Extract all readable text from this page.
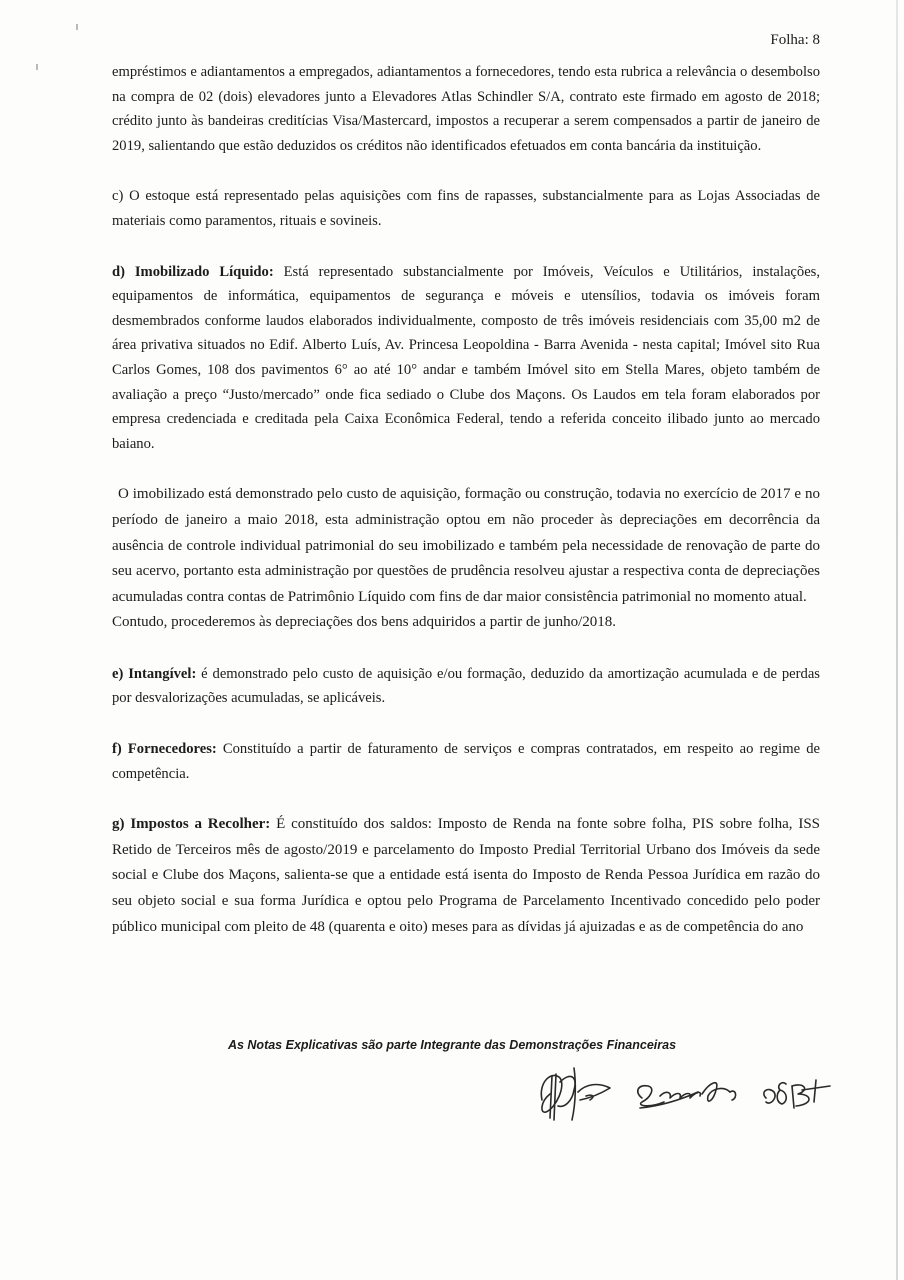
Folha: 8

empréstimos e adiantamentos a empregados, adiantamentos a fornecedores, tendo esta rubrica a relevância o desembolso na compra de 02 (dois) elevadores junto a Elevadores Atlas Schindler S/A, contrato este firmado em agosto de 2018; crédito junto às bandeiras creditícias Visa/Mastercard, impostos a recuperar a serem compensados a partir de janeiro de 2019, salientando que estão deduzidos os créditos não identificados efetuados em conta bancária da instituição.

c) O estoque está representado pelas aquisições com fins de rapasses, substancialmente para as Lojas Associadas de materiais como paramentos, rituais e sovineis.

d) Imobilizado Líquido: Está representado substancialmente por Imóveis, Veículos e Utilitários, instalações, equipamentos de informática, equipamentos de segurança e móveis e utensílios, todavia os imóveis foram desmembrados conforme laudos elaborados individualmente, composto de três imóveis residenciais com 35,00 m2 de área privativa situados no Edif. Alberto Luís, Av. Princesa Leopoldina - Barra Avenida - nesta capital; Imóvel sito Rua Carlos Gomes, 108 dos pavimentos 6° ao até 10° andar e também Imóvel sito em Stella Mares, objeto também de avaliação a preço “Justo/mercado” onde fica sediado o Clube dos Maçons. Os Laudos em tela foram elaborados por empresa credenciada e creditada pela Caixa Econômica Federal, tendo a referida conceito ilibado junto ao mercado baiano.

O imobilizado está demonstrado pelo custo de aquisição, formação ou construção, todavia no exercício de 2017 e no período de janeiro a maio 2018, esta administração optou em não proceder às depreciações em decorrência da ausência de controle individual patrimonial do seu imobilizado e também pela necessidade de renovação de parte do seu acervo, portanto esta administração por questões de prudência resolveu ajustar a respectiva conta de depreciações acumuladas contra contas de Patrimônio Líquido com fins de dar maior consistência patrimonial no momento atual.

Contudo, procederemos às depreciações dos bens adquiridos a partir de junho/2018.

e) Intangível: é demonstrado pelo custo de aquisição e/ou formação, deduzido da amortização acumulada e de perdas por desvalorizações acumuladas, se aplicáveis.

f) Fornecedores: Constituído a partir de faturamento de serviços e compras contratados, em respeito ao regime de competência.

g) Impostos a Recolher: É constituído dos saldos: Imposto de Renda na fonte sobre folha, PIS sobre folha, ISS Retido de Terceiros mês de agosto/2019 e parcelamento do Imposto Predial Territorial Urbano dos Imóveis da sede social e Clube dos Maçons, salienta-se que a entidade está isenta do Imposto de Renda Pessoa Jurídica em razão do seu objeto social e sua forma Jurídica e optou pelo Programa de Parcelamento Incentivado concedido pelo poder público municipal com pleito de 48 (quarenta e oito) meses para as dívidas já ajuizadas e as de competência do ano

As Notas Explicativas são parte Integrante das Demonstrações Financeiras
